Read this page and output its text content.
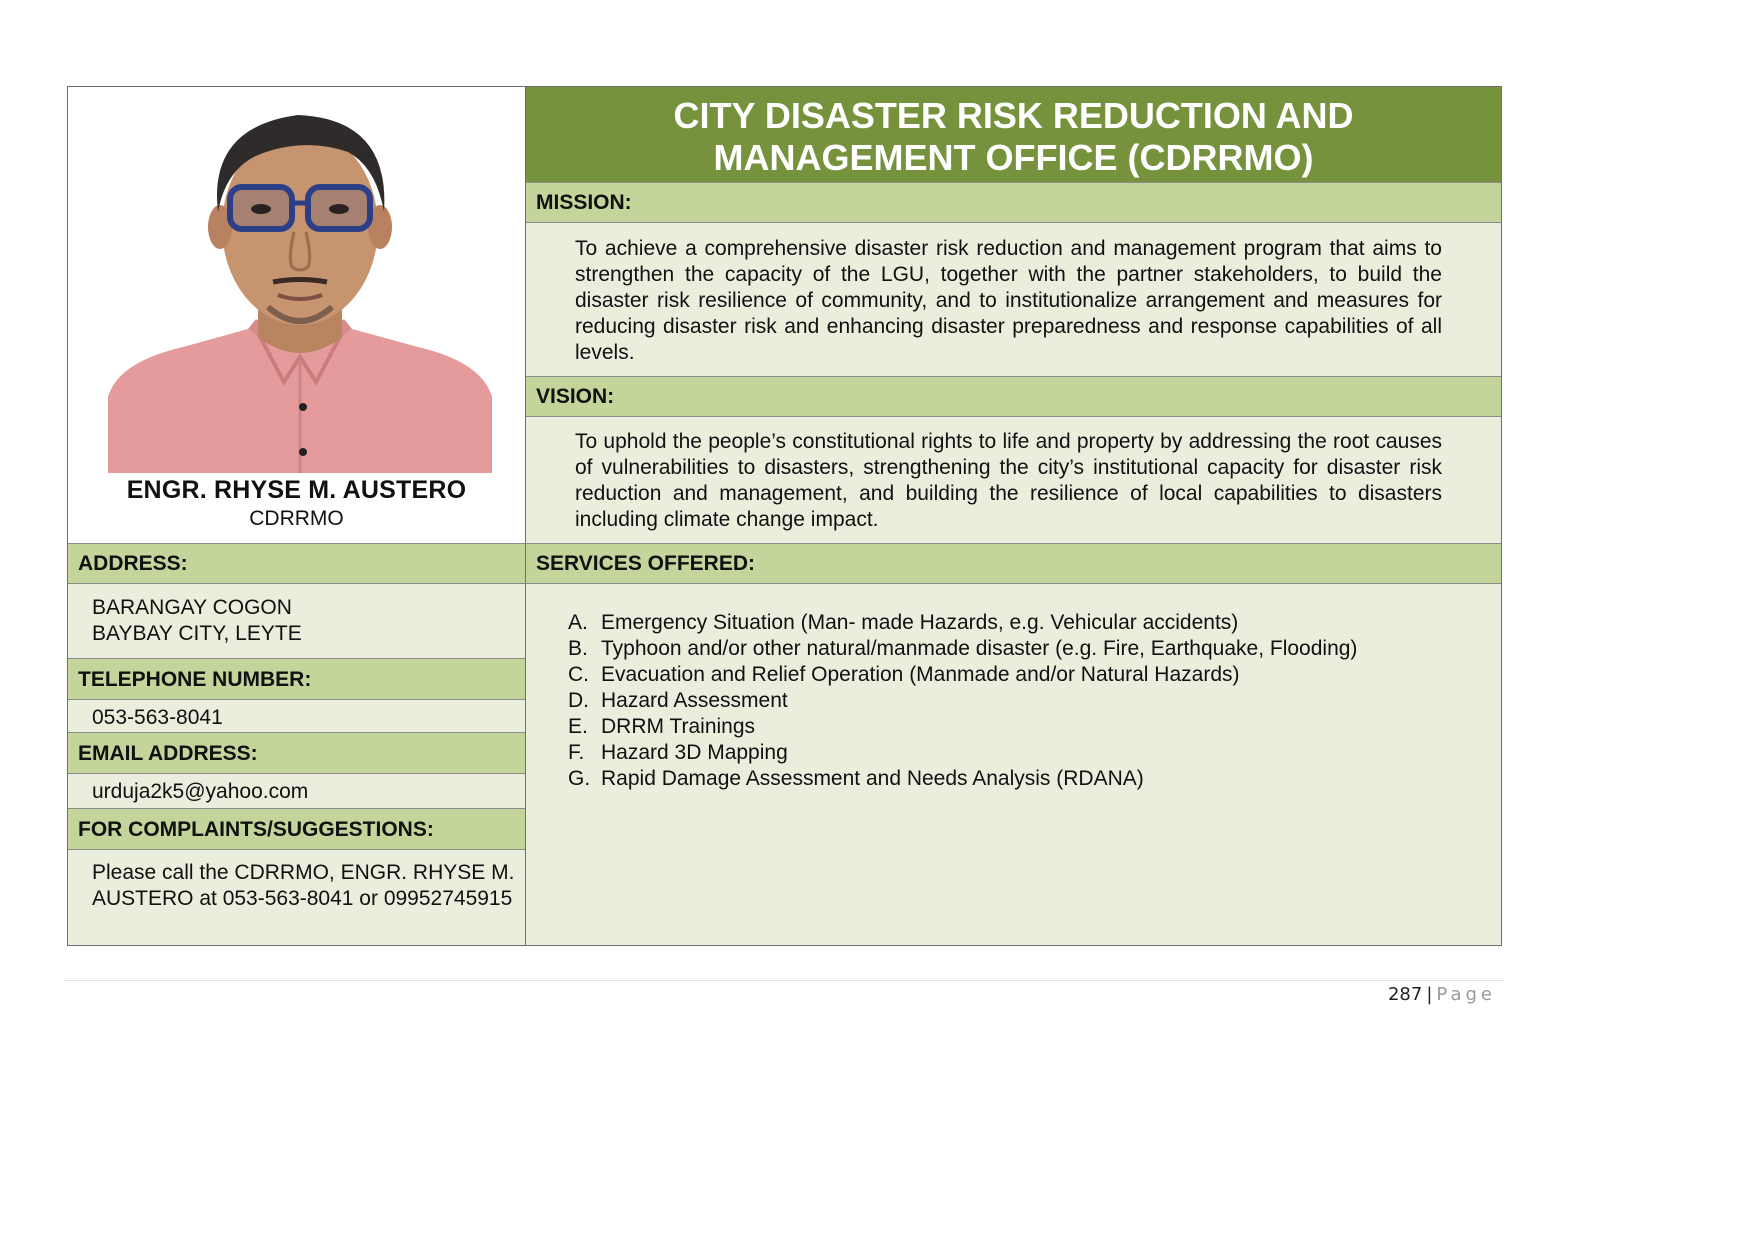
ENGR. RHYSE M. AUSTERO
CDRRMO
CITY DISASTER RISK REDUCTION AND
MANAGEMENT OFFICE (CDRRMO)
MISSION:
To achieve a comprehensive disaster risk reduction and management program that aims to strengthen the capacity of the LGU, together with the partner stakeholders, to build the disaster risk resilience of community, and to institutionalize arrangement and measures for reducing disaster risk and enhancing disaster preparedness and response capabilities of all levels.
VISION:
To uphold the people’s constitutional rights to life and property by addressing the root causes of vulnerabilities to disasters, strengthening the city’s institutional capacity for disaster risk reduction and management, and building the resilience of local capabilities to disasters including climate change impact.
ADDRESS:
BARANGAY COGON
BAYBAY CITY, LEYTE
TELEPHONE NUMBER:
053-563-8041
EMAIL ADDRESS:
urduja2k5@yahoo.com
FOR COMPLAINTS/SUGGESTIONS:
Please call the CDRRMO, ENGR. RHYSE M. AUSTERO at 053-563-8041 or 09952745915
SERVICES OFFERED:
A. Emergency Situation (Man- made Hazards, e.g. Vehicular accidents)
B. Typhoon and/or other natural/manmade disaster (e.g. Fire, Earthquake, Flooding)
C. Evacuation and Relief Operation (Manmade and/or Natural Hazards)
D. Hazard Assessment
E. DRRM Trainings
F. Hazard 3D Mapping
G. Rapid Damage Assessment and Needs Analysis (RDANA)
287 | Page
